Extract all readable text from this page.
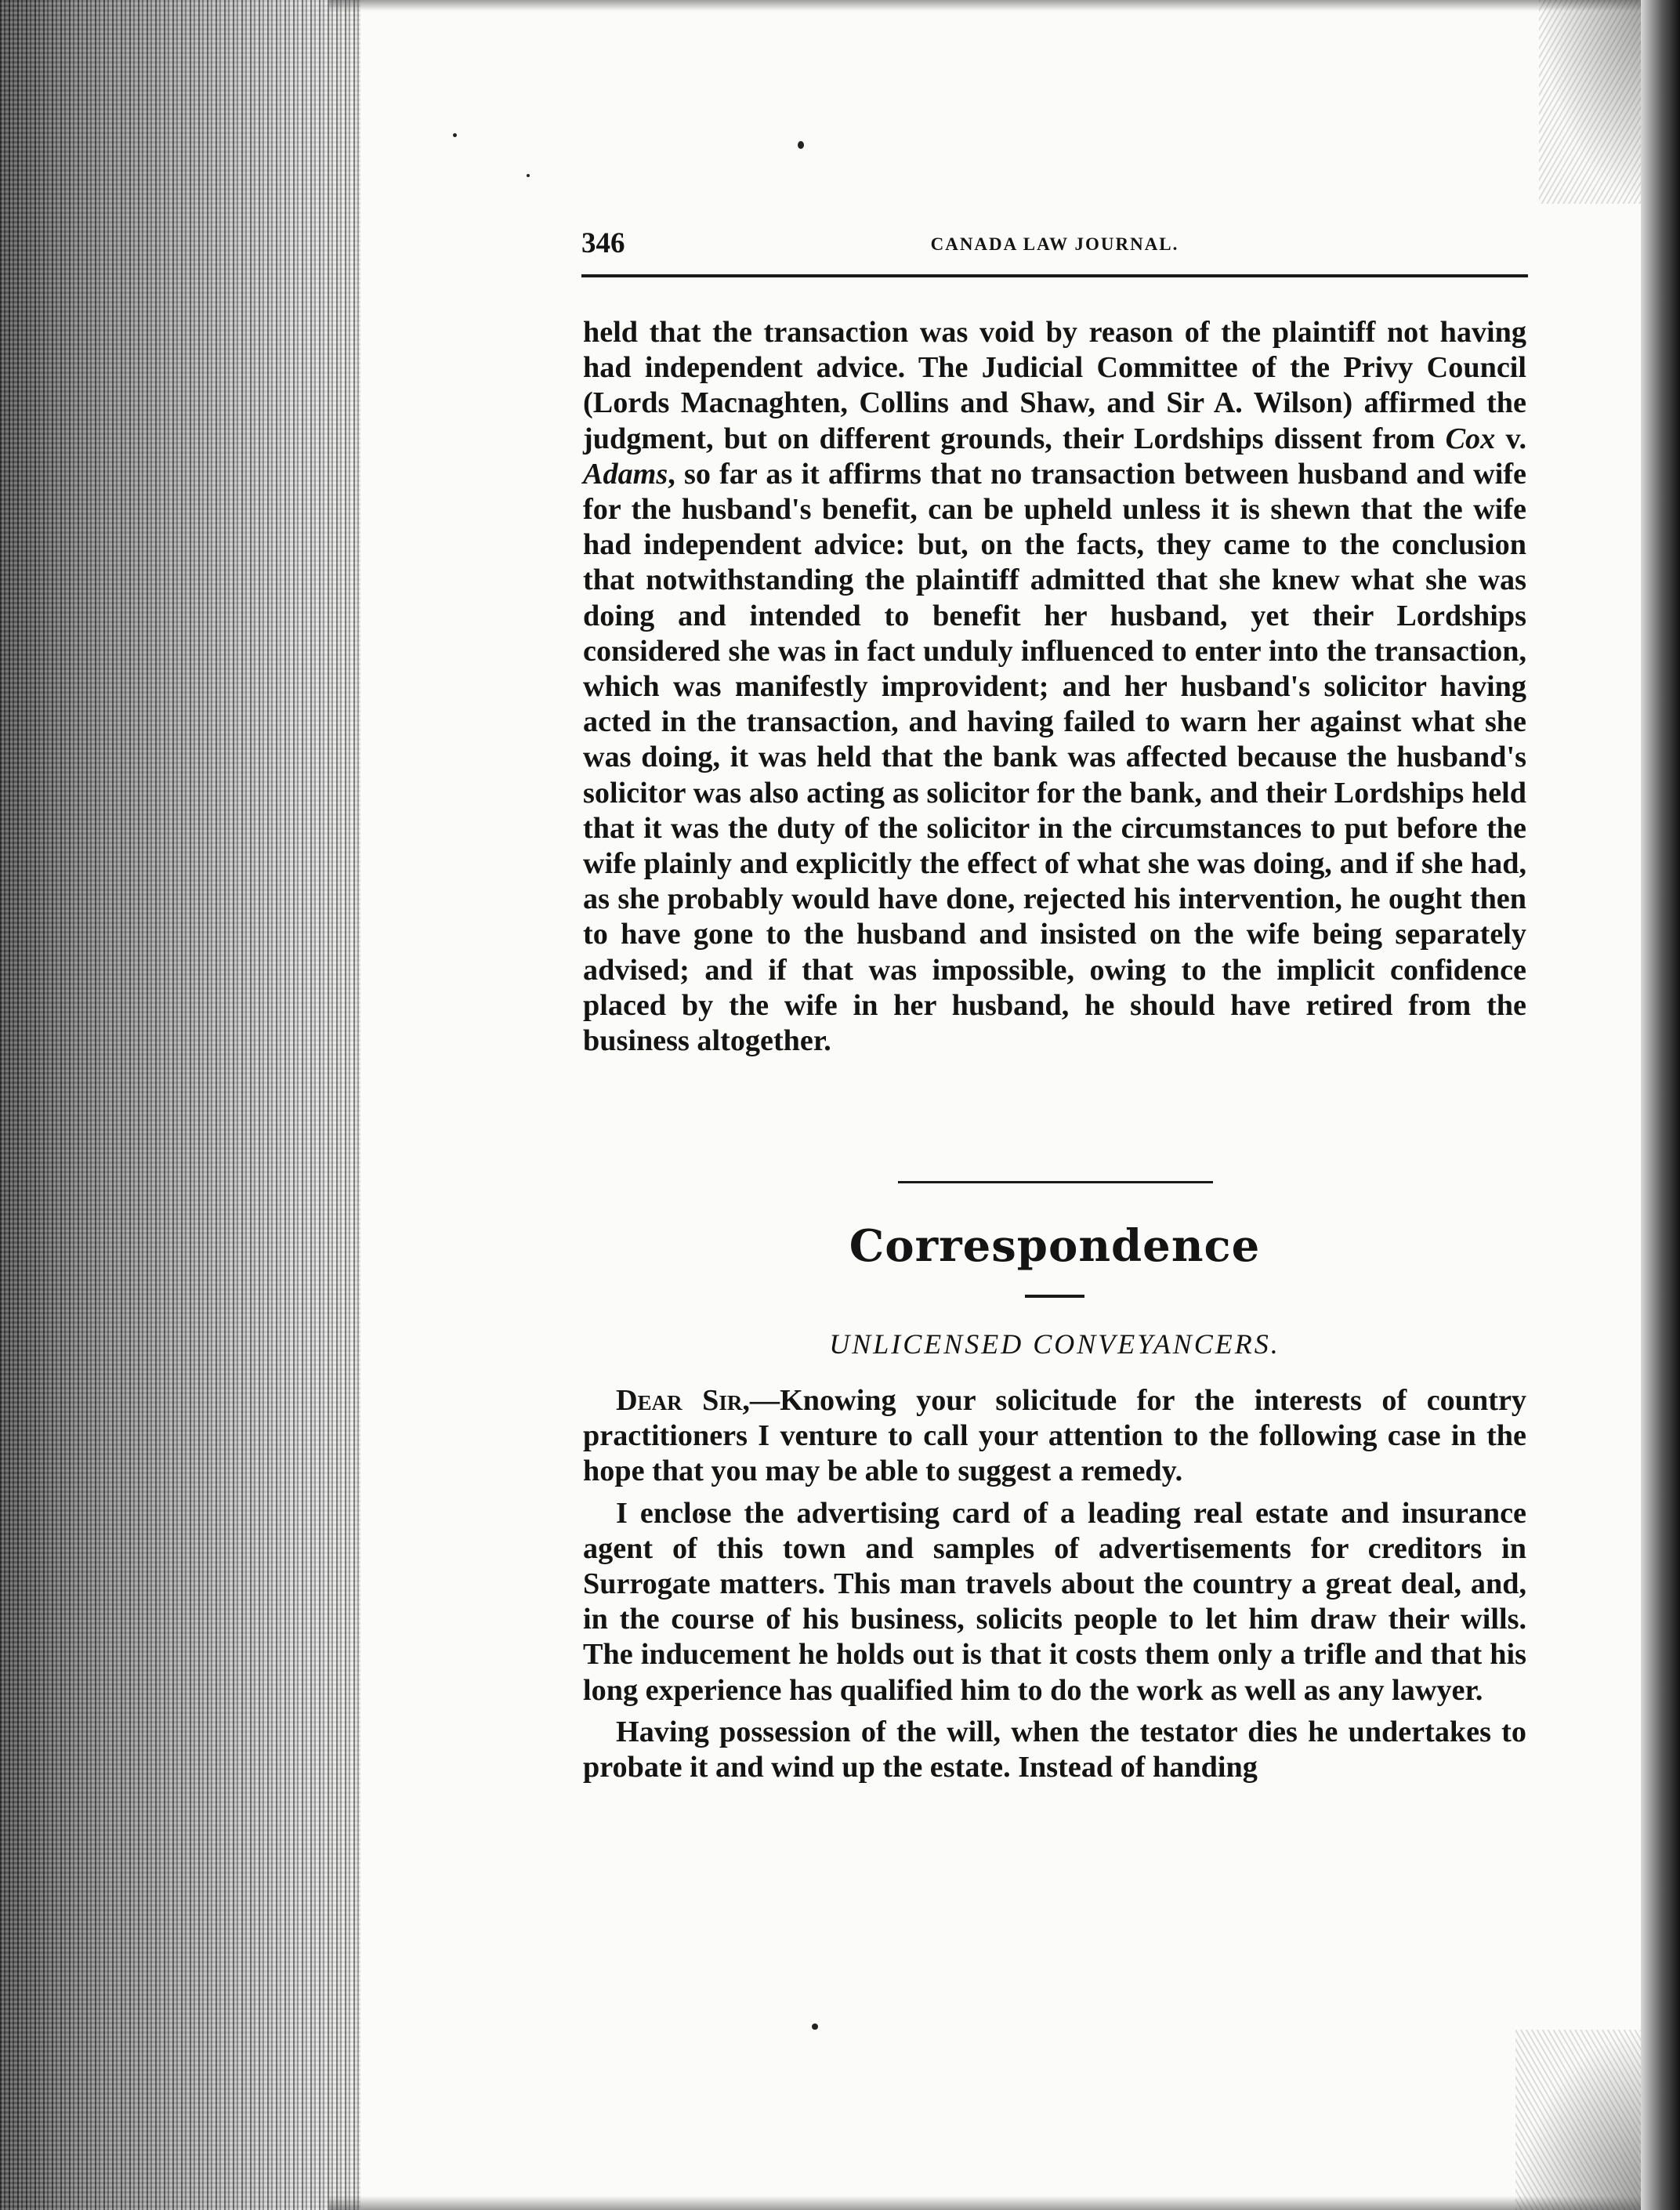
346	CANADA LAW JOURNAL.

held that the transaction was void by reason of the plaintiff not having had independent advice. The Judicial Committee of the Privy Council (Lords Macnaghten, Collins and Shaw, and Sir A. Wilson) affirmed the judgment, but on different grounds, their Lordships dissent from Cox v. Adams, so far as it affirms that no transaction between husband and wife for the husband's benefit, can be upheld unless it is shewn that the wife had independent advice: but, on the facts, they came to the conclusion that notwithstanding the plaintiff admitted that she knew what she was doing and intended to benefit her husband, yet their Lordships considered she was in fact unduly influenced to enter into the transaction, which was manifestly improvident; and her husband's solicitor having acted in the transaction, and having failed to warn her against what she was doing, it was held that the bank was affected because the husband's solicitor was also acting as solicitor for the bank, and their Lordships held that it was the duty of the solicitor in the circumstances to put before the wife plainly and explicitly the effect of what she was doing, and if she had, as she probably would have done, rejected his intervention, he ought then to have gone to the husband and insisted on the wife being separately advised; and if that was impossible, owing to the implicit confidence placed by the wife in her husband, he should have retired from the business altogether.

Correspondence
UNLICENSED CONVEYANCERS.

Dear Sir,—Knowing your solicitude for the interests of country practitioners I venture to call your attention to the following case in the hope that you may be able to suggest a remedy.

I enclose the advertising card of a leading real estate and insurance agent of this town and samples of advertisements for creditors in Surrogate matters. This man travels about the country a great deal, and, in the course of his business, solicits people to let him draw their wills. The inducement he holds out is that it costs them only a trifle and that his long experience has qualified him to do the work as well as any lawyer.

Having possession of the will, when the testator dies he undertakes to probate it and wind up the estate. Instead of handing
